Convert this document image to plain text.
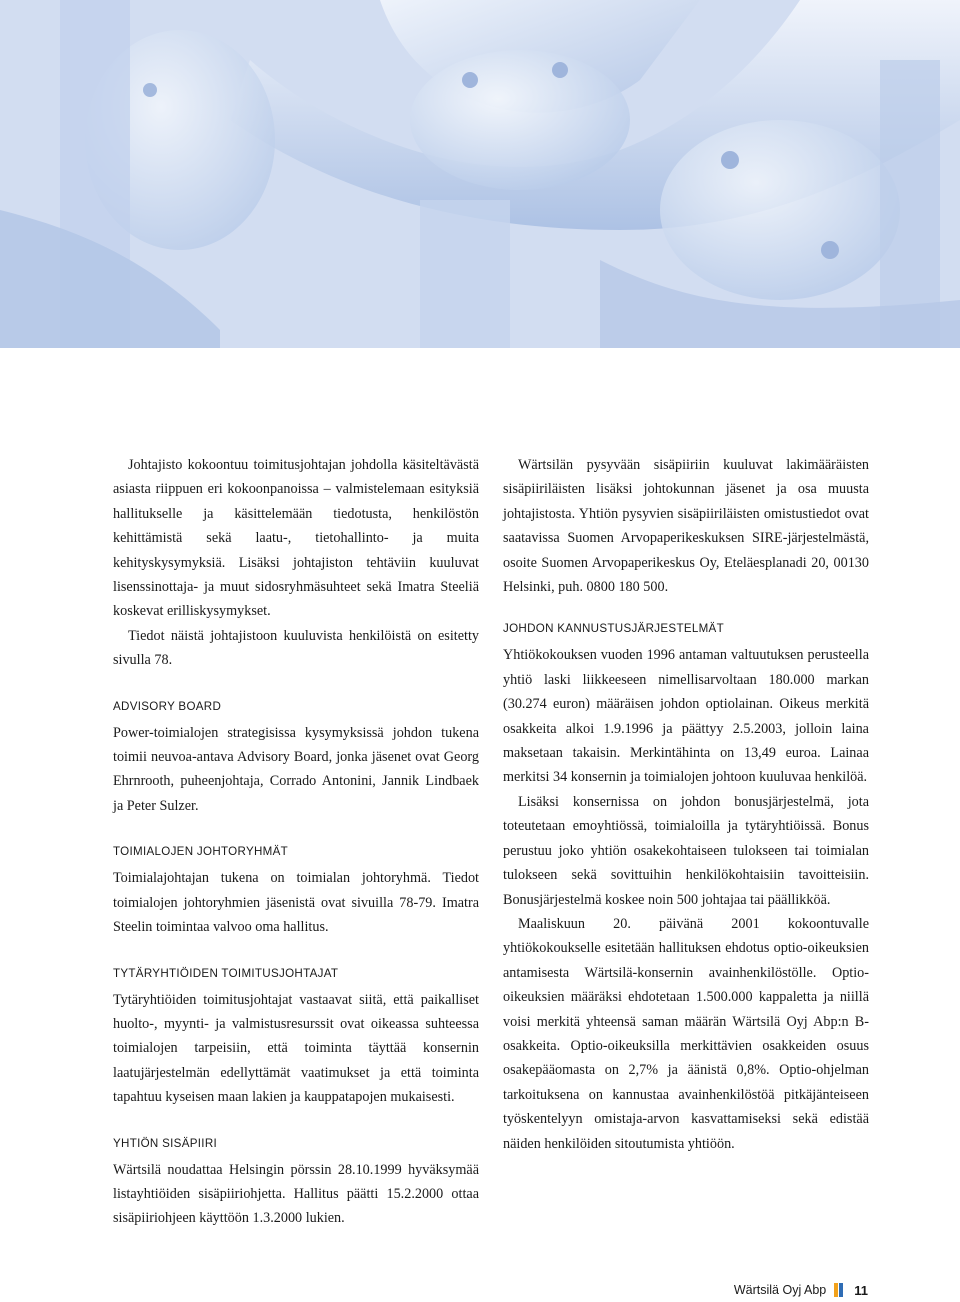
Johtajisto kokoontuu toimitusjohtajan johdolla käsiteltävästä asiasta riippuen eri kokoonpanoissa – valmistelemaan esityksiä hallitukselle ja käsittelemään tiedotusta, henkilöstön kehittämistä sekä laatu-, tietohallinto- ja muita kehityskysymyksiä. Lisäksi johtajiston tehtäviin kuuluvat lisenssinottaja- ja muut sidosryhmäsuhteet sekä Imatra Steeliä koskevat erilliskysymykset.

Tiedot näistä johtajistoon kuuluvista henkilöistä on esitetty sivulla 78.

ADVISORY BOARD

Power-toimialojen strategisissa kysymyksissä johdon tukena toimii neuvoa-antava Advisory Board, jonka jäsenet ovat Georg Ehrnrooth, puheenjohtaja, Corrado Antonini, Jannik Lindbaek ja Peter Sulzer.

TOIMIALOJEN JOHTORYHMÄT

Toimialajohtajan tukena on toimialan johtoryhmä. Tiedot toimialojen johtoryhmien jäsenistä ovat sivuilla 78-79. Imatra Steelin toimintaa valvoo oma hallitus.

TYTÄRYHTIÖIDEN TOIMITUSJOHTAJAT

Tytäryhtiöiden toimitusjohtajat vastaavat siitä, että paikalliset huolto-, myynti- ja valmistusresurssit ovat oikeassa suhteessa toimialojen tarpeisiin, että toiminta täyttää konsernin laatujärjestelmän edellyttämät vaatimukset ja että toiminta tapahtuu kyseisen maan lakien ja kauppatapojen mukaisesti.

YHTIÖN SISÄPIIRI

Wärtsilä noudattaa Helsingin pörssin 28.10.1999 hyväksymää listayhtiöiden sisäpiiriohjetta. Hallitus päätti 15.2.2000 ottaa sisäpiiriohjeen käyttöön 1.3.2000 lukien.

Wärtsilän pysyvään sisäpiiriin kuuluvat lakimääräisten sisäpiiriläisten lisäksi johtokunnan jäsenet ja osa muusta johtajistosta. Yhtiön pysyvien sisäpiiriläisten omistustiedot ovat saatavissa Suomen Arvopaperikeskuksen SIRE-järjestelmästä, osoite Suomen Arvopaperikeskus Oy, Eteläesplanadi 20, 00130 Helsinki, puh. 0800 180 500.

JOHDON KANNUSTUSJÄRJESTELMÄT

Yhtiökokouksen vuoden 1996 antaman valtuutuksen perusteella yhtiö laski liikkeeseen nimellisarvoltaan 180.000 markan (30.274 euron) määräisen johdon optiolainan. Oikeus merkitä osakkeita alkoi 1.9.1996 ja päättyy 2.5.2003, jolloin laina maksetaan takaisin. Merkintähinta on 13,49 euroa. Lainaa merkitsi 34 konsernin ja toimialojen johtoon kuuluvaa henkilöä.

Lisäksi konsernissa on johdon bonusjärjestelmä, jota toteutetaan emoyhtiössä, toimialoilla ja tytäryhtiöissä. Bonus perustuu joko yhtiön osakekohtaiseen tulokseen tai toimialan tulokseen sekä sovittuihin henkilökohtaisiin tavoitteisiin. Bonusjärjestelmä koskee noin 500 johtajaa tai päällikköä.

Maaliskuun 20. päivänä 2001 kokoontuvalle yhtiökokoukselle esitetään hallituksen ehdotus optio-oikeuksien antamisesta Wärtsilä-konsernin avainhenkilöstölle. Optio-oikeuksien määräksi ehdotetaan 1.500.000 kappaletta ja niillä voisi merkitä yhteensä saman määrän Wärtsilä Oyj Abp:n B-osakkeita. Optio-oikeuksilla merkittävien osakkeiden osuus osakepääomasta on 2,7% ja äänistä 0,8%. Optio-ohjelman tarkoituksena on kannustaa avainhenkilöstöä pitkäjänteiseen työskentelyyn omistaja-arvon kasvattamiseksi sekä edistää näiden henkilöiden sitoutumista yhtiöön.

Wärtsilä Oyj Abp 11
